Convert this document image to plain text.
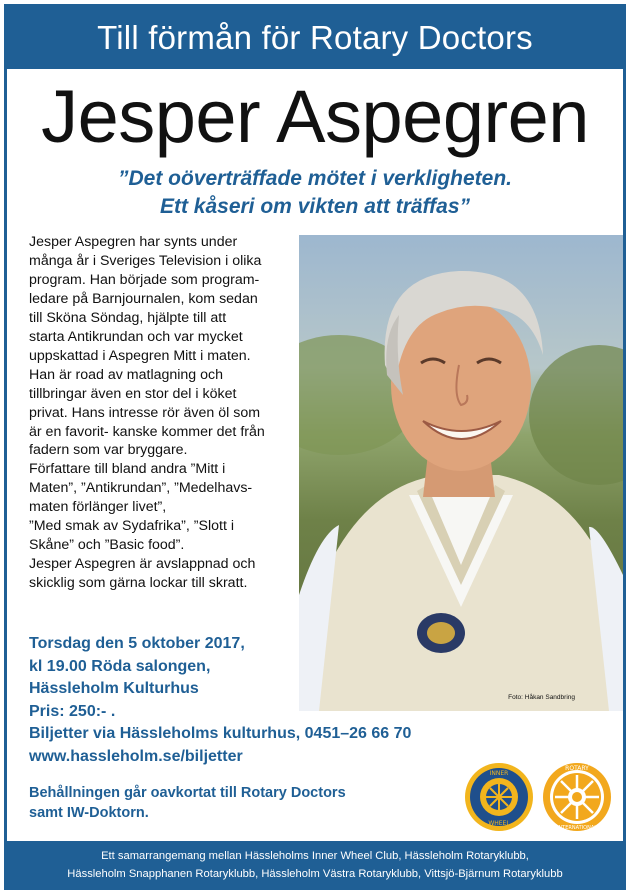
Till förmån för Rotary Doctors
Jesper Aspegren
”Det oöverträffade mötet i verkligheten.
Ett kåseri om vikten att träffas”
Jesper Aspegren har synts under
många år i Sveriges Television i olika
program. Han började som program-
ledare på Barnjournalen, kom sedan
till Sköna Söndag, hjälpte till att
starta Antikrundan och var mycket
uppskattad i Aspegren Mitt i maten.
Han är road av matlagning och
tillbringar även en stor del i köket
privat. Hans intresse rör även öl som
är en favorit- kanske kommer det från
fadern som var bryggare.
Författare till bland andra ”Mitt i
Maten”, ”Antikrundan”, ”Medelhavs-
maten förlänger livet”,
”Med smak av Sydafrika”, ”Slott i
Skåne” och ”Basic food”.
Jesper Aspegren är avslappnad och
skicklig som gärna lockar till skratt.
Foto: Håkan Sandbring
Torsdag den 5 oktober 2017,
kl 19.00 Röda salongen,
Hässleholm Kulturhus
Pris: 250:- .
Biljetter via Hässleholms kulturhus, 0451–26 66 70
www.hassleholm.se/biljetter
Behållningen går oavkortat till Rotary Doctors
samt IW-Doktorn.
INNER
WHEEL
ROTARY
INTERNATIONAL
Ett samarrangemang mellan Hässleholms Inner Wheel Club, Hässleholm Rotaryklubb,
Hässleholm Snapphanen Rotaryklubb, Hässleholm Västra Rotaryklubb, Vittsjö-Bjärnum Rotaryklubb
